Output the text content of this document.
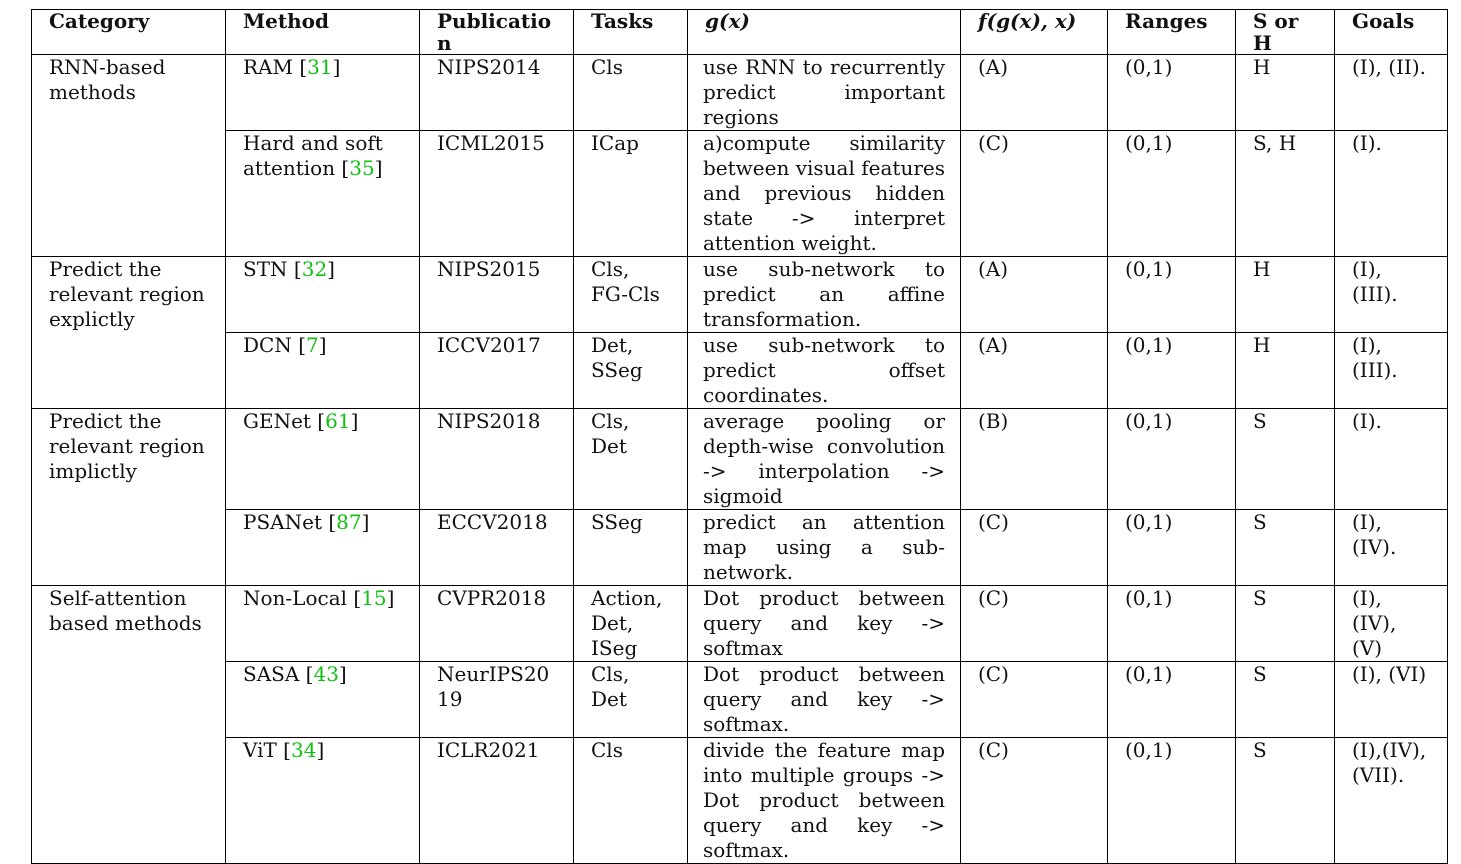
Category	Method	Publication	Tasks	g(x)	f(g(x), x)	Ranges	S or H	Goals
RNN-based methods	RAM [31]	NIPS2014	Cls	use RNN to recurrently predict important regions	(A)	(0,1)	H	(I), (II).
	Hard and soft attention [35]	ICML2015	ICap	a)compute similarity between visual features and previous hidden state -> interpret attention weight.	(C)	(0,1)	S, H	(I).
Predict the relevant region explictly	STN [32]	NIPS2015	Cls, FG-Cls	use sub-network to predict an affine transformation.	(A)	(0,1)	H	(I), (III).
	DCN [7]	ICCV2017	Det, SSeg	use sub-network to predict offset coordinates.	(A)	(0,1)	H	(I), (III).
Predict the relevant region implictly	GENet [61]	NIPS2018	Cls, Det	average pooling or depth-wise convolution -> interpolation -> sigmoid	(B)	(0,1)	S	(I).
	PSANet [87]	ECCV2018	SSeg	predict an attention map using a sub-network.	(C)	(0,1)	S	(I), (IV).
Self-attention based methods	Non-Local [15]	CVPR2018	Action, Det, ISeg	Dot product between query and key -> softmax	(C)	(0,1)	S	(I), (IV), (V)
	SASA [43]	NeurIPS2019	Cls, Det	Dot product between query and key -> softmax.	(C)	(0,1)	S	(I), (VI)
	ViT [34]	ICLR2021	Cls	divide the feature map into multiple groups -> Dot product between query and key -> softmax.	(C)	(0,1)	S	(I),(IV), (VII).
